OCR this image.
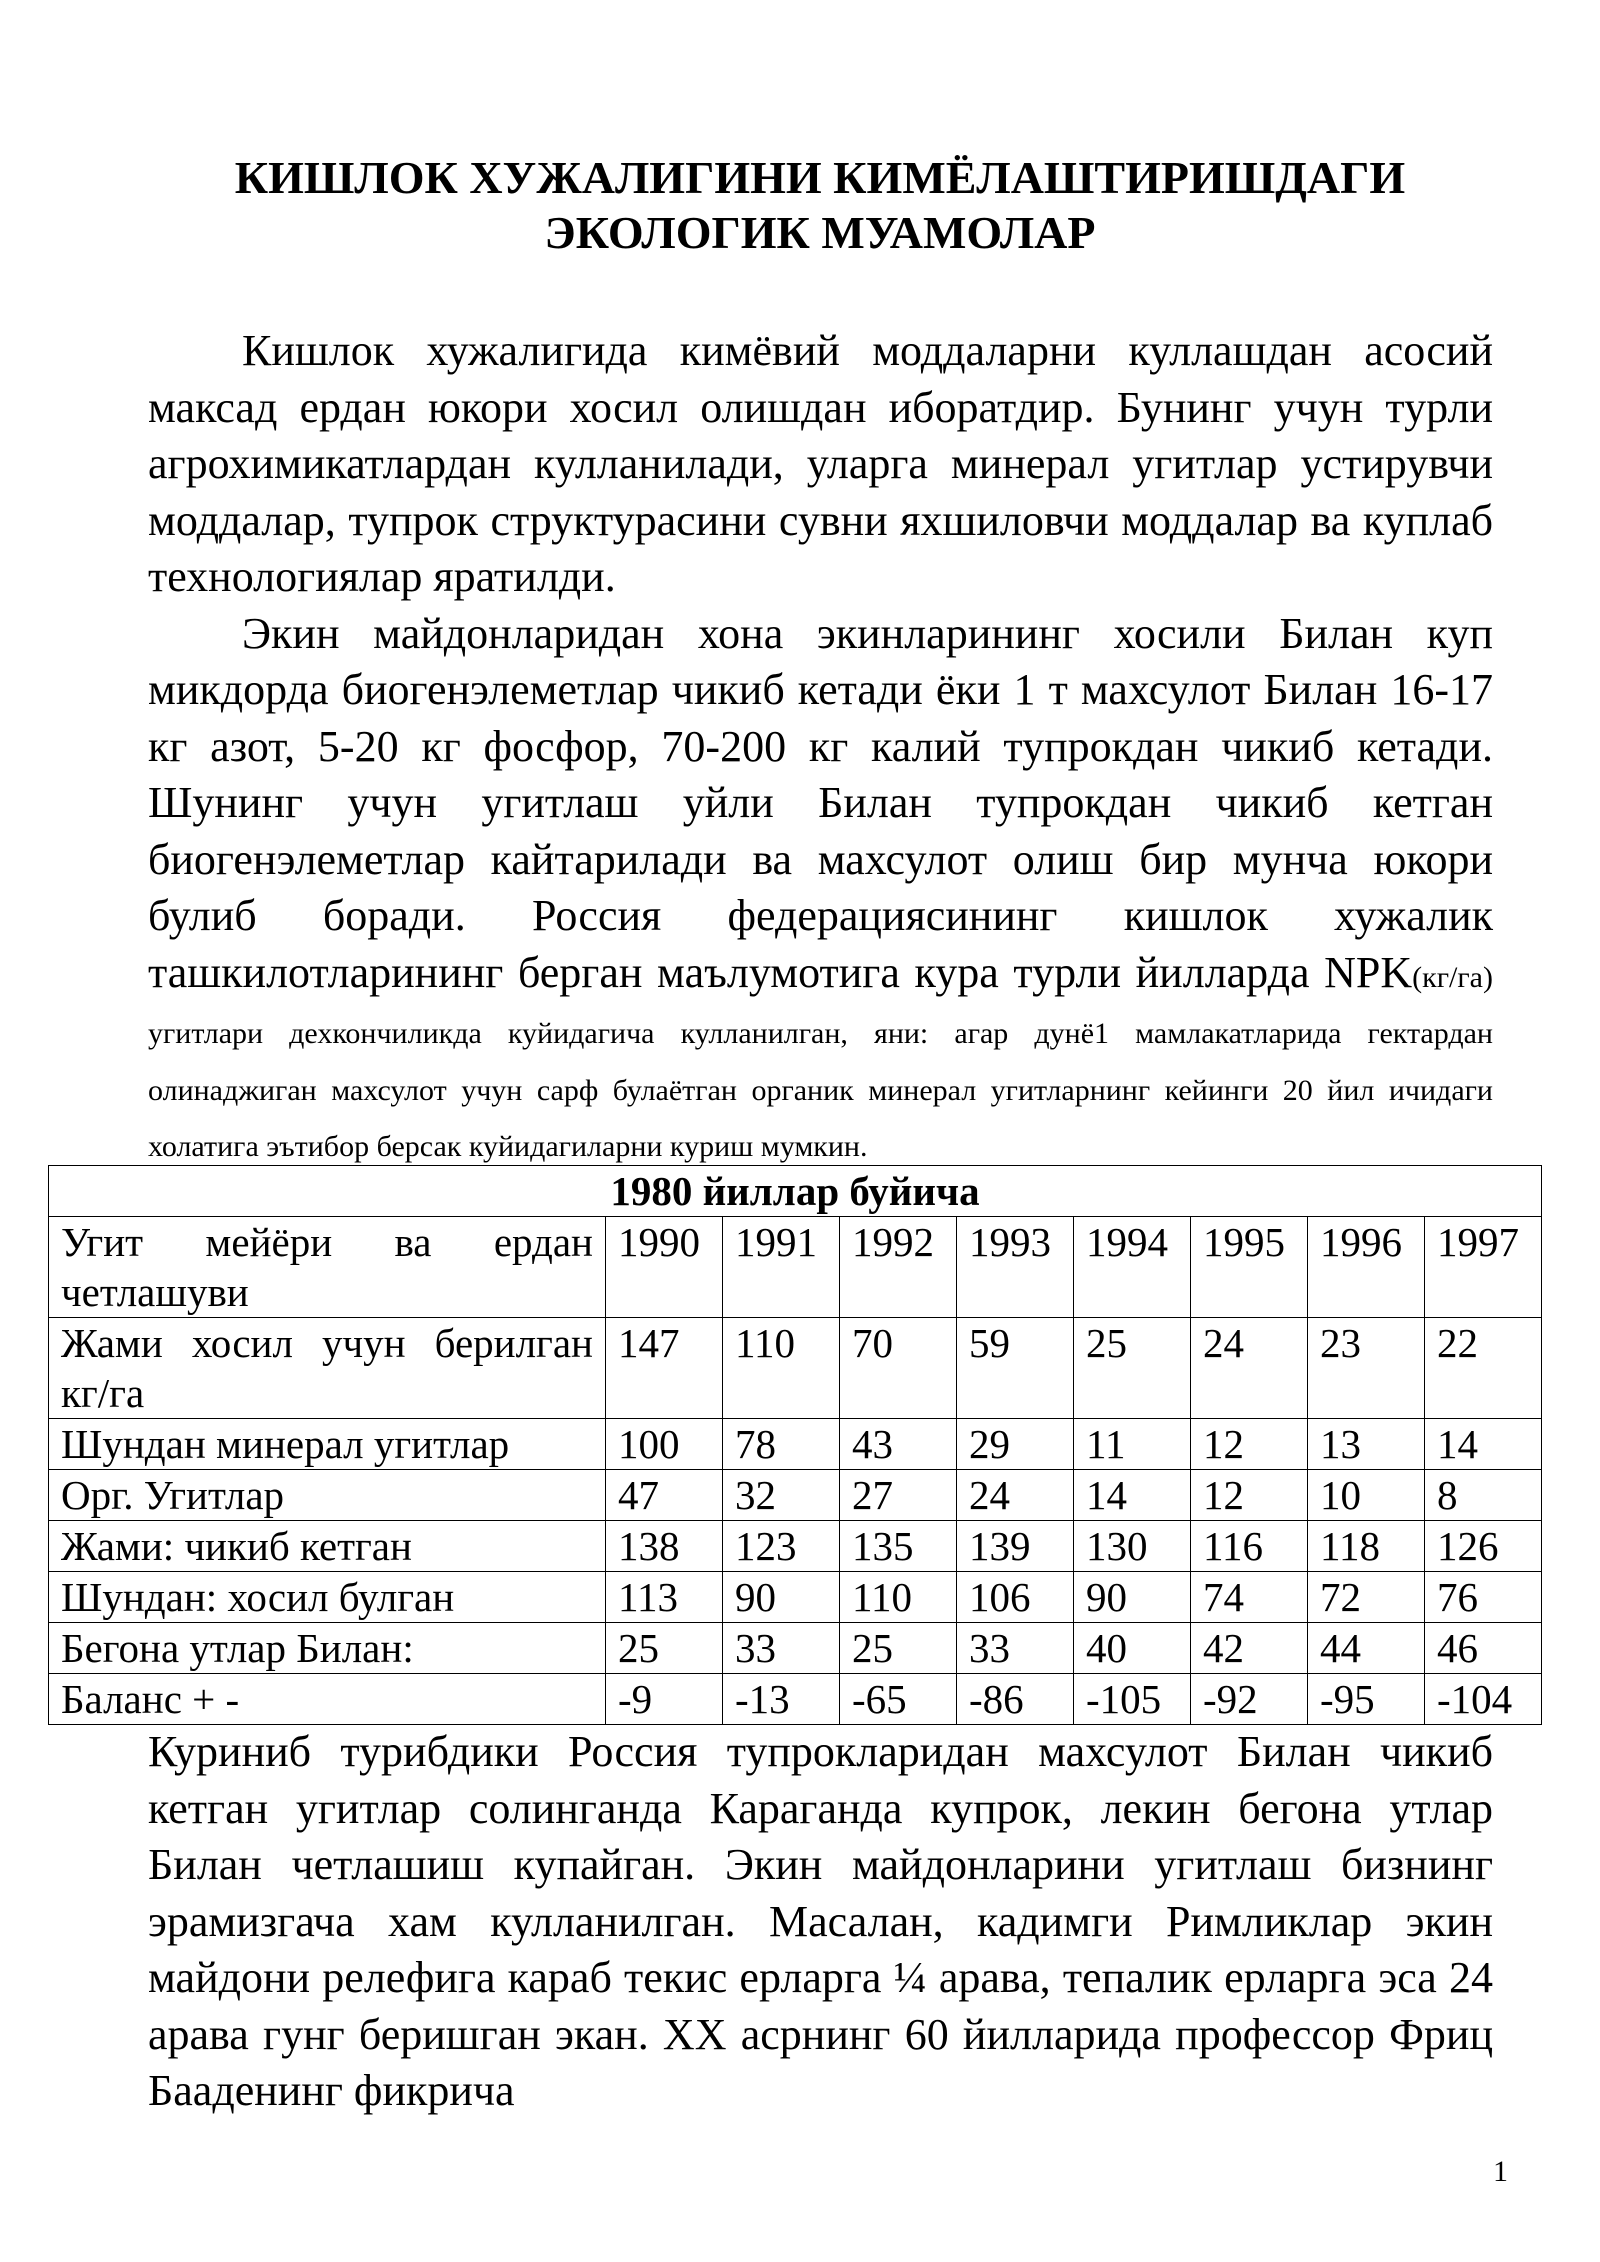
КИШЛОК ХУЖАЛИГИНИ КИМЁЛАШТИРИШДАГИ
ЭКОЛОГИК МУАМОЛАР

Кишлок хужалигида кимёвий моддаларни куллашдан асосий максад ердан юкори хосил олишдан иборатдир. Бунинг учун турли агрохимикатлардан кулланилади, уларга минерал угитлар устирувчи моддалар, тупрок структурасини сувни яхшиловчи моддалар ва куплаб технологиялар яратилди.

Экин майдонларидан хона экинларининг хосили Билан куп микдорда биогенэлеметлар чикиб кетади ёки 1 т махсулот Билан 16-17 кг азот, 5-20 кг фосфор, 70-200 кг калий тупрокдан чикиб кетади. Шунинг учун угитлаш уйли Билан тупрокдан чикиб кетган биогенэлеметлар кайтарилади ва махсулот олиш бир мунча юкори булиб боради. Россия федерациясининг кишлок хужалик ташкилотларининг берган маълумотига кура турли йилларда NPK(кг/га) угитлари дехкончиликда куйидагича кулланилган, яни: агар дунё1 мамлакатларида гектардан олинаджиган махсулот учун сарф булаётган органик минерал угитларнинг кейинги 20 йил ичидаги холатига эътибор берсак куйидагиларни куриш мумкин.

1980 йиллар буйича								
Угит мейёри ва ердан четлашуви	1990	1991	1992	1993	1994	1995	1996	1997
Жами хосил учун берилган кг/га	147	110	70	59	25	24	23	22
Шундан минерал угитлар	100	78	43	29	11	12	13	14
Орг. Угитлар	47	32	27	24	14	12	10	8
Жами: чикиб кетган	138	123	135	139	130	116	118	126
Шундан: хосил булган	113	90	110	106	90	74	72	76
Бегона утлар Билан:	25	33	25	33	40	42	44	46
Баланс + -	-9	-13	-65	-86	-105	-92	-95	-104
Куриниб турибдики Россия тупрокларидан махсулот Билан чикиб кетган угитлар солинганда Караганда купрок, лекин бегона утлар Билан четлашиш купайган. Экин майдонларини угитлаш бизнинг эрамизгача хам кулланилган. Масалан, кадимги Римликлар экин майдони релефига караб текис ерларга ¼ арава, тепалик ерларга эса 24 арава гунг беришган экан. XX асрнинг 60 йилларида профессор Фриц Бааденинг фикрича
1
